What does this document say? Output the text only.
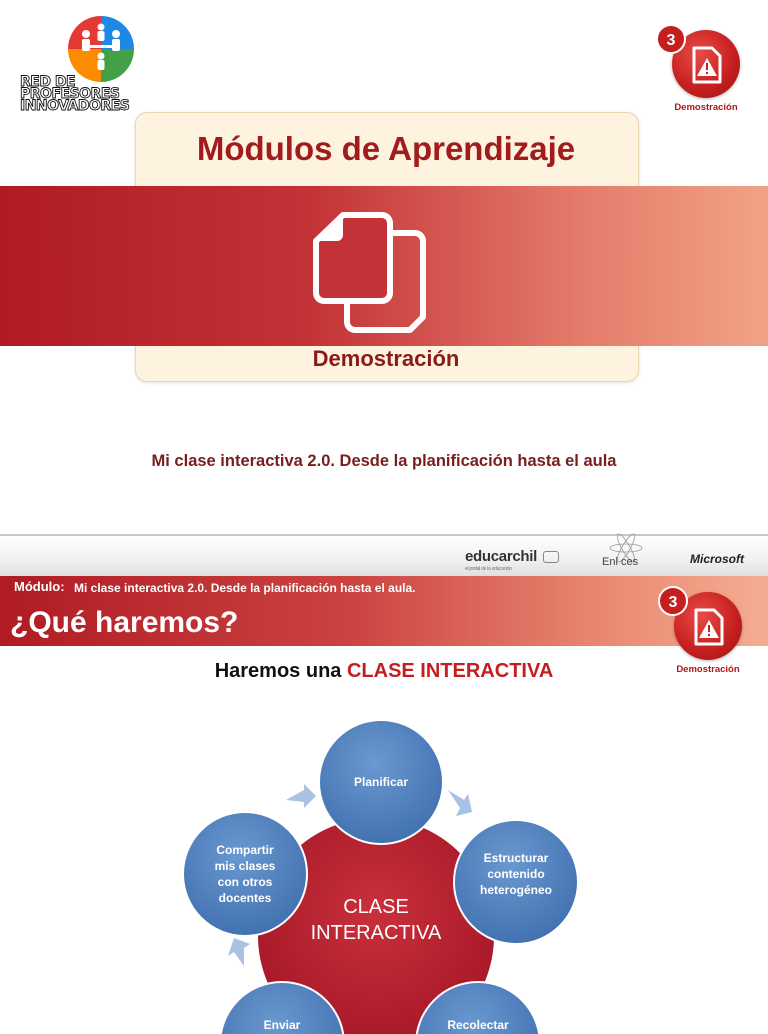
RED DE
PROFESORES
INNOVADORES
3
Demostración
Módulos de Aprendizaje
Demostración
Mi clase interactiva 2.0. Desde la planificación hasta el aula
educarchil
el portal de la educación
Enl ces	Microsoft
Módulo: Mi clase interactiva 2.0. Desde la planificación hasta el aula.
¿Qué haremos?
3
Demostración
Haremos una CLASE INTERACTIVA
Planificar
Estructurar
contenido
heterogéneo
Recolectar
Enviar
Compartir
mis clases
con otros
docentes	CLASE
INTERACTIVA
